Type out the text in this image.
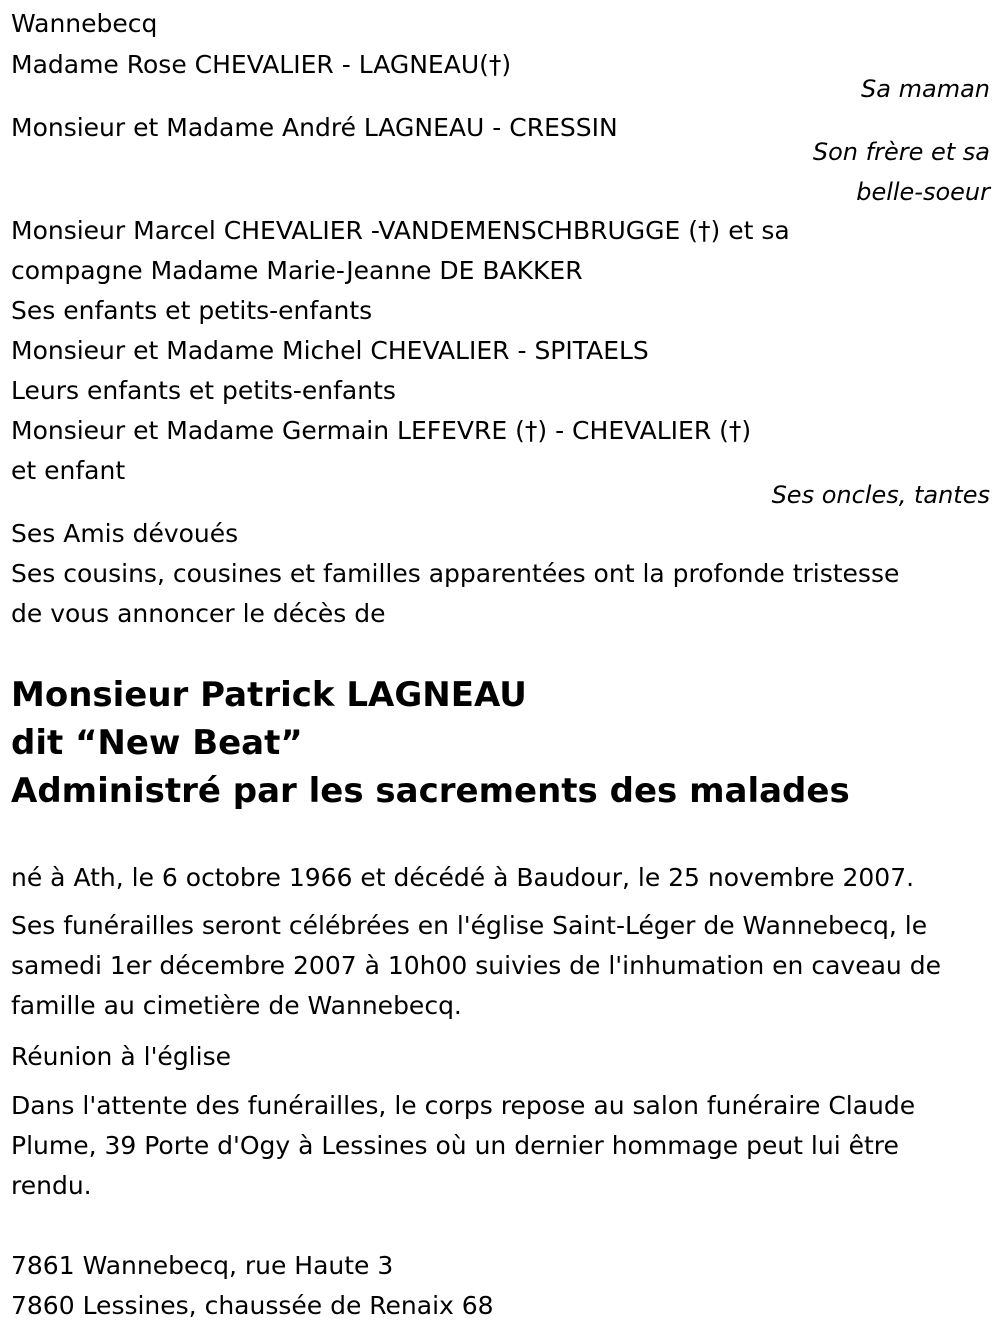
Wannebecq
Madame Rose CHEVALIER - LAGNEAU(†)
Sa maman
Monsieur et Madame André LAGNEAU - CRESSIN
Son frère et sa
belle-soeur
Monsieur Marcel CHEVALIER -VANDEMENSCHBRUGGE (†) et sa
compagne Madame Marie-Jeanne DE BAKKER
Ses enfants et petits-enfants
Monsieur et Madame Michel CHEVALIER - SPITAELS
Leurs enfants et petits-enfants
Monsieur et Madame Germain LEFEVRE (†) - CHEVALIER (†)
et enfant
Ses oncles, tantes
Ses Amis dévoués
Ses cousins, cousines et familles apparentées ont la profonde tristesse
de vous annoncer le décès de
Monsieur Patrick LAGNEAU
dit “New Beat”
Administré par les sacrements des malades
né à Ath, le 6 octobre 1966 et décédé à Baudour, le 25 novembre 2007.
Ses funérailles seront célébrées en l'église Saint-Léger de Wannebecq, le
samedi 1er décembre 2007 à 10h00 suivies de l'inhumation en caveau de
famille au cimetière de Wannebecq.
Réunion à l'église
Dans l'attente des funérailles, le corps repose au salon funéraire Claude
Plume, 39 Porte d'Ogy à Lessines où un dernier hommage peut lui être
rendu.
7861 Wannebecq, rue Haute 3
7860 Lessines, chaussée de Renaix 68
